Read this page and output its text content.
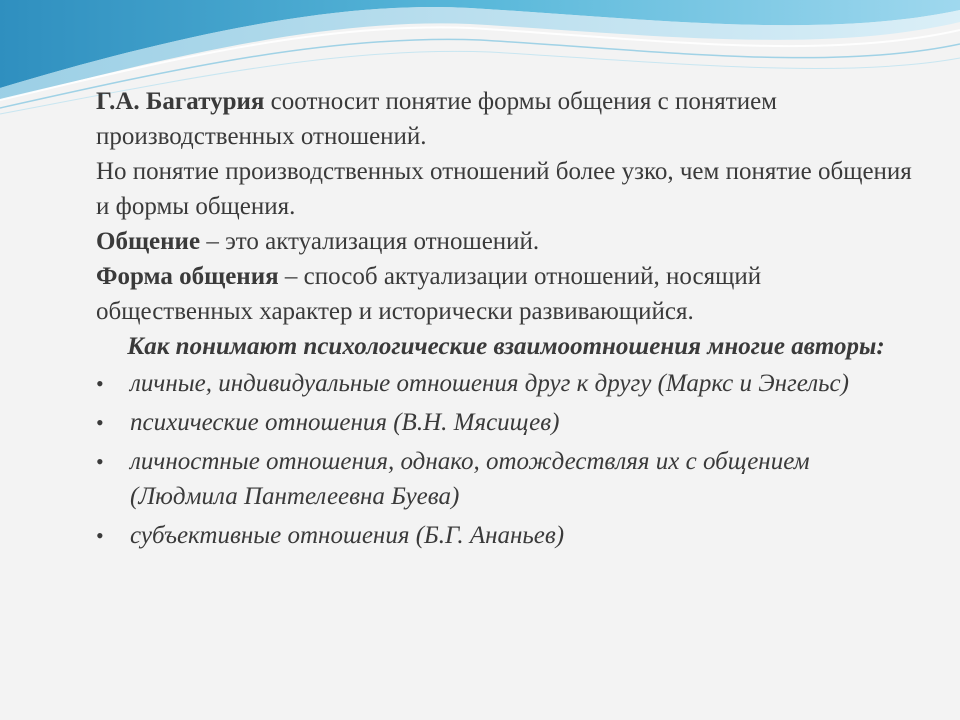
Г.А. Багатурия соотносит понятие формы общения с понятием производственных отношений.

Но понятие производственных отношений более узко, чем понятие общения и формы общения.

Общение – это актуализация отношений.

Форма общения – способ актуализации отношений, носящий общественных характер и исторически развивающийся.

Как понимают психологические взаимоотношения многие авторы:

• личные, индивидуальные отношения друг к другу (Маркс и Энгельс)
• психические отношения (В.Н. Мясищев)
• личностные отношения, однако, отождествляя их с общением (Людмила Пантелеевна Буева)
• субъективные отношения (Б.Г. Ананьев)
